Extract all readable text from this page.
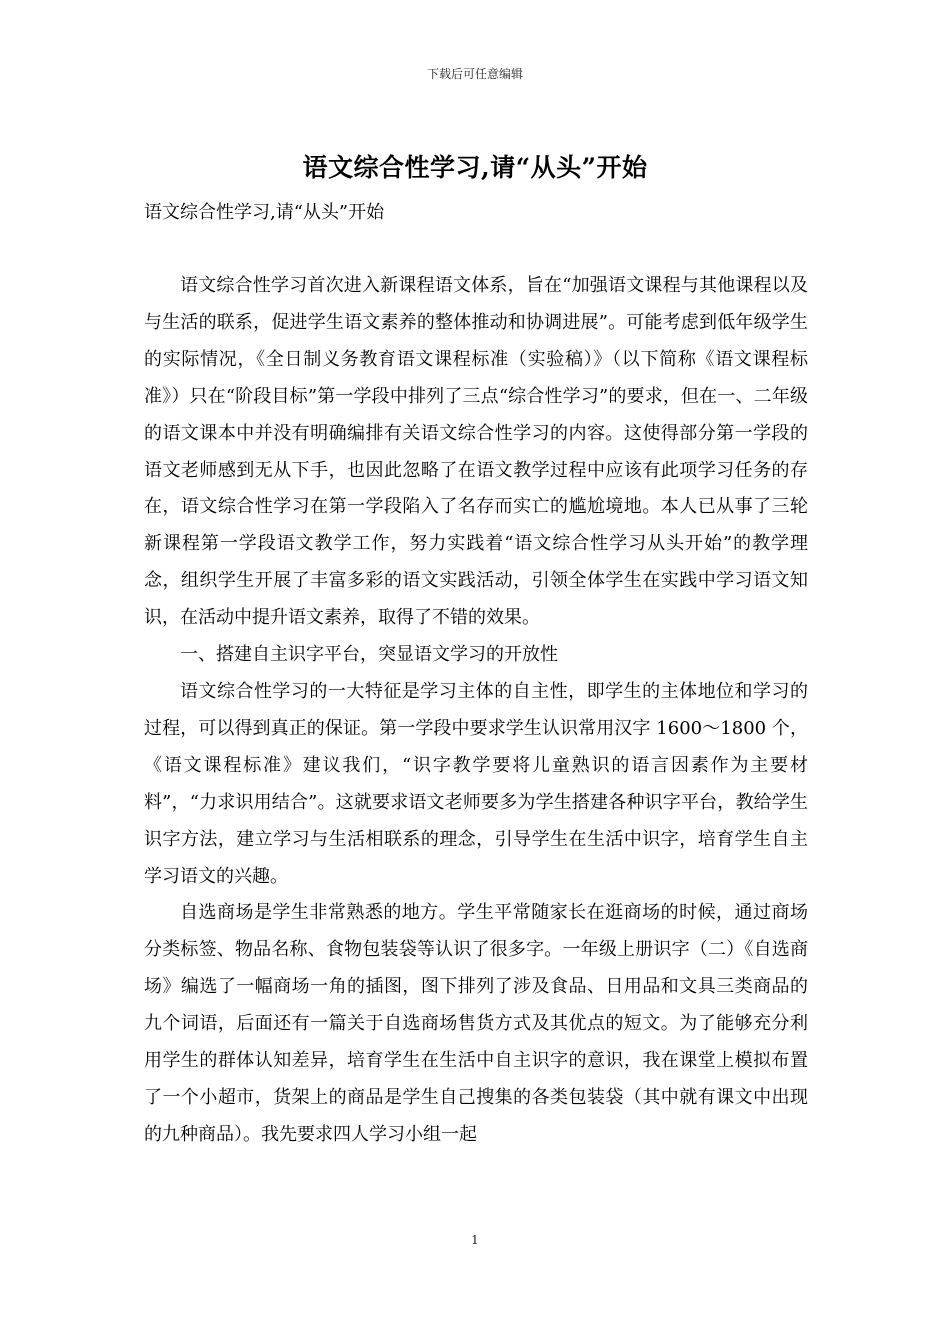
下载后可任意编辑
语文综合性学习,请“从头”开始
语文综合性学习,请“从头”开始

语文综合性学习首次进入新课程语文体系，旨在“加强语文课程与其他课程以及与生活的联系，促进学生语文素养的整体推动和协调进展”。可能考虑到低年级学生的实际情况，《全日制义务教育语文课程标准（实验稿）》（以下简称《语文课程标准》）只在“阶段目标”第一学段中排列了三点“综合性学习”的要求，但在一、二年级的语文课本中并没有明确编排有关语文综合性学习的内容。这使得部分第一学段的语文老师感到无从下手，也因此忽略了在语文教学过程中应该有此项学习任务的存在，语文综合性学习在第一学段陷入了名存而实亡的尴尬境地。本人已从事了三轮新课程第一学段语文教学工作，努力实践着“语文综合性学习从头开始”的教学理念，组织学生开展了丰富多彩的语文实践活动，引领全体学生在实践中学习语文知识，在活动中提升语文素养，取得了不错的效果。

一、搭建自主识字平台，突显语文学习的开放性

语文综合性学习的一大特征是学习主体的自主性，即学生的主体地位和学习的过程，可以得到真正的保证。第一学段中要求学生认识常用汉字 1600～1800 个，《语文课程标准》建议我们，“识字教学要将儿童熟识的语言因素作为主要材料”，“力求识用结合”。这就要求语文老师要多为学生搭建各种识字平台，教给学生识字方法，建立学习与生活相联系的理念，引导学生在生活中识字，培育学生自主学习语文的兴趣。

自选商场是学生非常熟悉的地方。学生平常随家长在逛商场的时候，通过商场分类标签、物品名称、食物包装袋等认识了很多字。一年级上册识字（二）《自选商场》编选了一幅商场一角的插图，图下排列了涉及食品、日用品和文具三类商品的九个词语，后面还有一篇关于自选商场售货方式及其优点的短文。为了能够充分利用学生的群体认知差异，培育学生在生活中自主识字的意识，我在课堂上模拟布置了一个小超市，货架上的商品是学生自己搜集的各类包装袋（其中就有课文中出现的九种商品）。我先要求四人学习小组一起

1
